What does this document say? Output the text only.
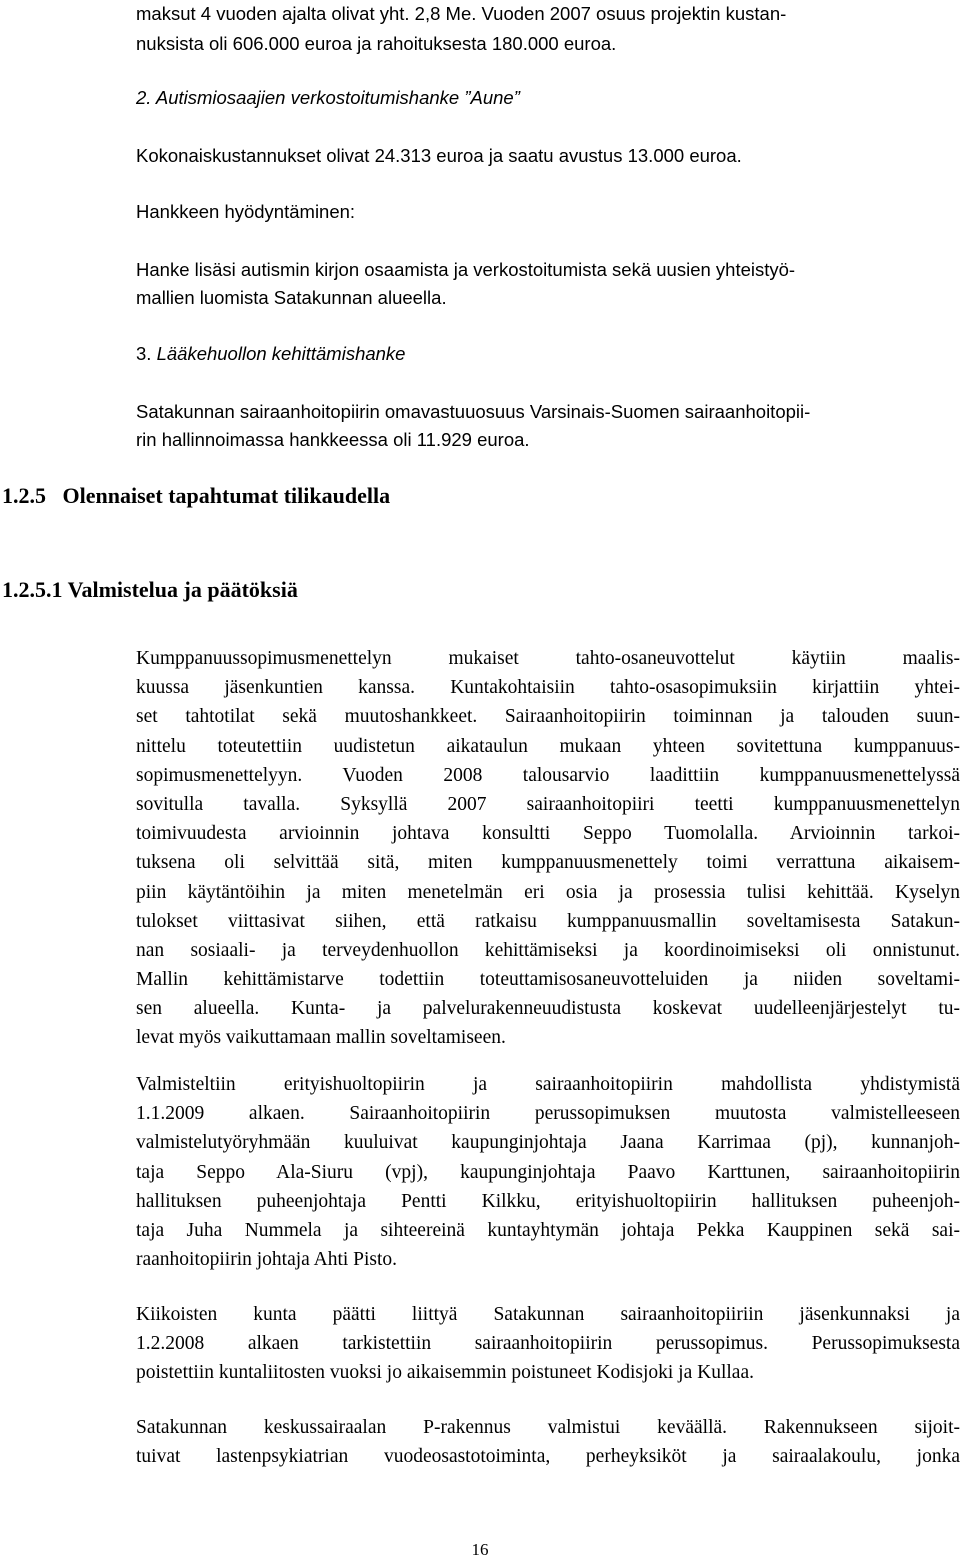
maksut 4 vuoden ajalta olivat yht. 2,8 Me. Vuoden 2007 osuus projektin kustan-
nuksista oli 606.000 euroa ja rahoituksesta 180.000 euroa.
2. Autismiosaajien verkostoitumishanke ”Aune”
Kokonaiskustannukset olivat 24.313 euroa ja saatu avustus 13.000 euroa.
Hankkeen hyödyntäminen:
Hanke lisäsi autismin kirjon osaamista ja verkostoitumista sekä uusien yhteistyö-
mallien luomista Satakunnan alueella.
3. Lääkehuollon kehittämishanke
Satakunnan sairaanhoitopiirin omavastuuosuus Varsinais-Suomen sairaanhoitopii-
rin hallinnoimassa hankkeessa oli 11.929 euroa.
1.2.5   Olennaiset tapahtumat tilikaudella
1.2.5.1 Valmistelua ja päätöksiä
Kumppanuussopimusmenettelyn mukaiset tahto-osaneuvottelut käytiin maalis-
kuussa jäsenkuntien kanssa. Kuntakohtaisiin tahto-osasopimuksiin kirjattiin yhtei-
set tahtotilat sekä muutoshankkeet. Sairaanhoitopiirin toiminnan ja talouden suun-
nittelu toteutettiin uudistetun aikataulun mukaan yhteen sovitettuna kumppanuus-
sopimusmenettelyyn. Vuoden 2008 talousarvio laadittiin kumppanuusmenettelyssä
sovitulla tavalla. Syksyllä 2007 sairaanhoitopiiri teetti kumppanuusmenettelyn
toimivuudesta arvioinnin johtava konsultti Seppo Tuomolalla. Arvioinnin tarkoi-
tuksena oli selvittää sitä, miten kumppanuusmenettely toimi verrattuna aikaisem-
piin käytäntöihin ja miten menetelmän eri osia ja prosessia tulisi kehittää. Kyselyn
tulokset viittasivat siihen, että ratkaisu kumppanuusmallin soveltamisesta Satakun-
nan sosiaali- ja terveydenhuollon kehittämiseksi ja koordinoimiseksi oli onnistunut.
Mallin kehittämistarve todettiin toteuttamisosaneuvotteluiden ja niiden soveltami-
sen alueella. Kunta- ja palvelurakenneuudistusta koskevat uudelleenjärjestelyt tu-
levat myös vaikuttamaan mallin soveltamiseen.
Valmisteltiin erityishuoltopiirin ja sairaanhoitopiirin mahdollista yhdistymistä
1.1.2009 alkaen. Sairaanhoitopiirin perussopimuksen muutosta valmistelleeseen
valmistelutyöryhmään kuuluivat kaupunginjohtaja Jaana Karrimaa (pj), kunnanjoh-
taja Seppo Ala-Siuru (vpj), kaupunginjohtaja Paavo Karttunen, sairaanhoitopiirin
hallituksen puheenjohtaja Pentti Kilkku, erityishuoltopiirin hallituksen puheenjoh-
taja Juha Nummela ja sihteereinä kuntayhtymän johtaja Pekka Kauppinen sekä sai-
raanhoitopiirin johtaja Ahti Pisto.
Kiikoisten kunta päätti liittyä Satakunnan sairaanhoitopiiriin jäsenkunnaksi ja
1.2.2008 alkaen tarkistettiin sairaanhoitopiirin perussopimus. Perussopimuksesta
poistettiin kuntaliitosten vuoksi jo aikaisemmin poistuneet Kodisjoki ja Kullaa.
Satakunnan keskussairaalan P-rakennus valmistui keväällä. Rakennukseen sijoit-
tuivat lastenpsykiatrian vuodeosastotoiminta, perheyksiköt ja sairaalakoulu, jonka
16
